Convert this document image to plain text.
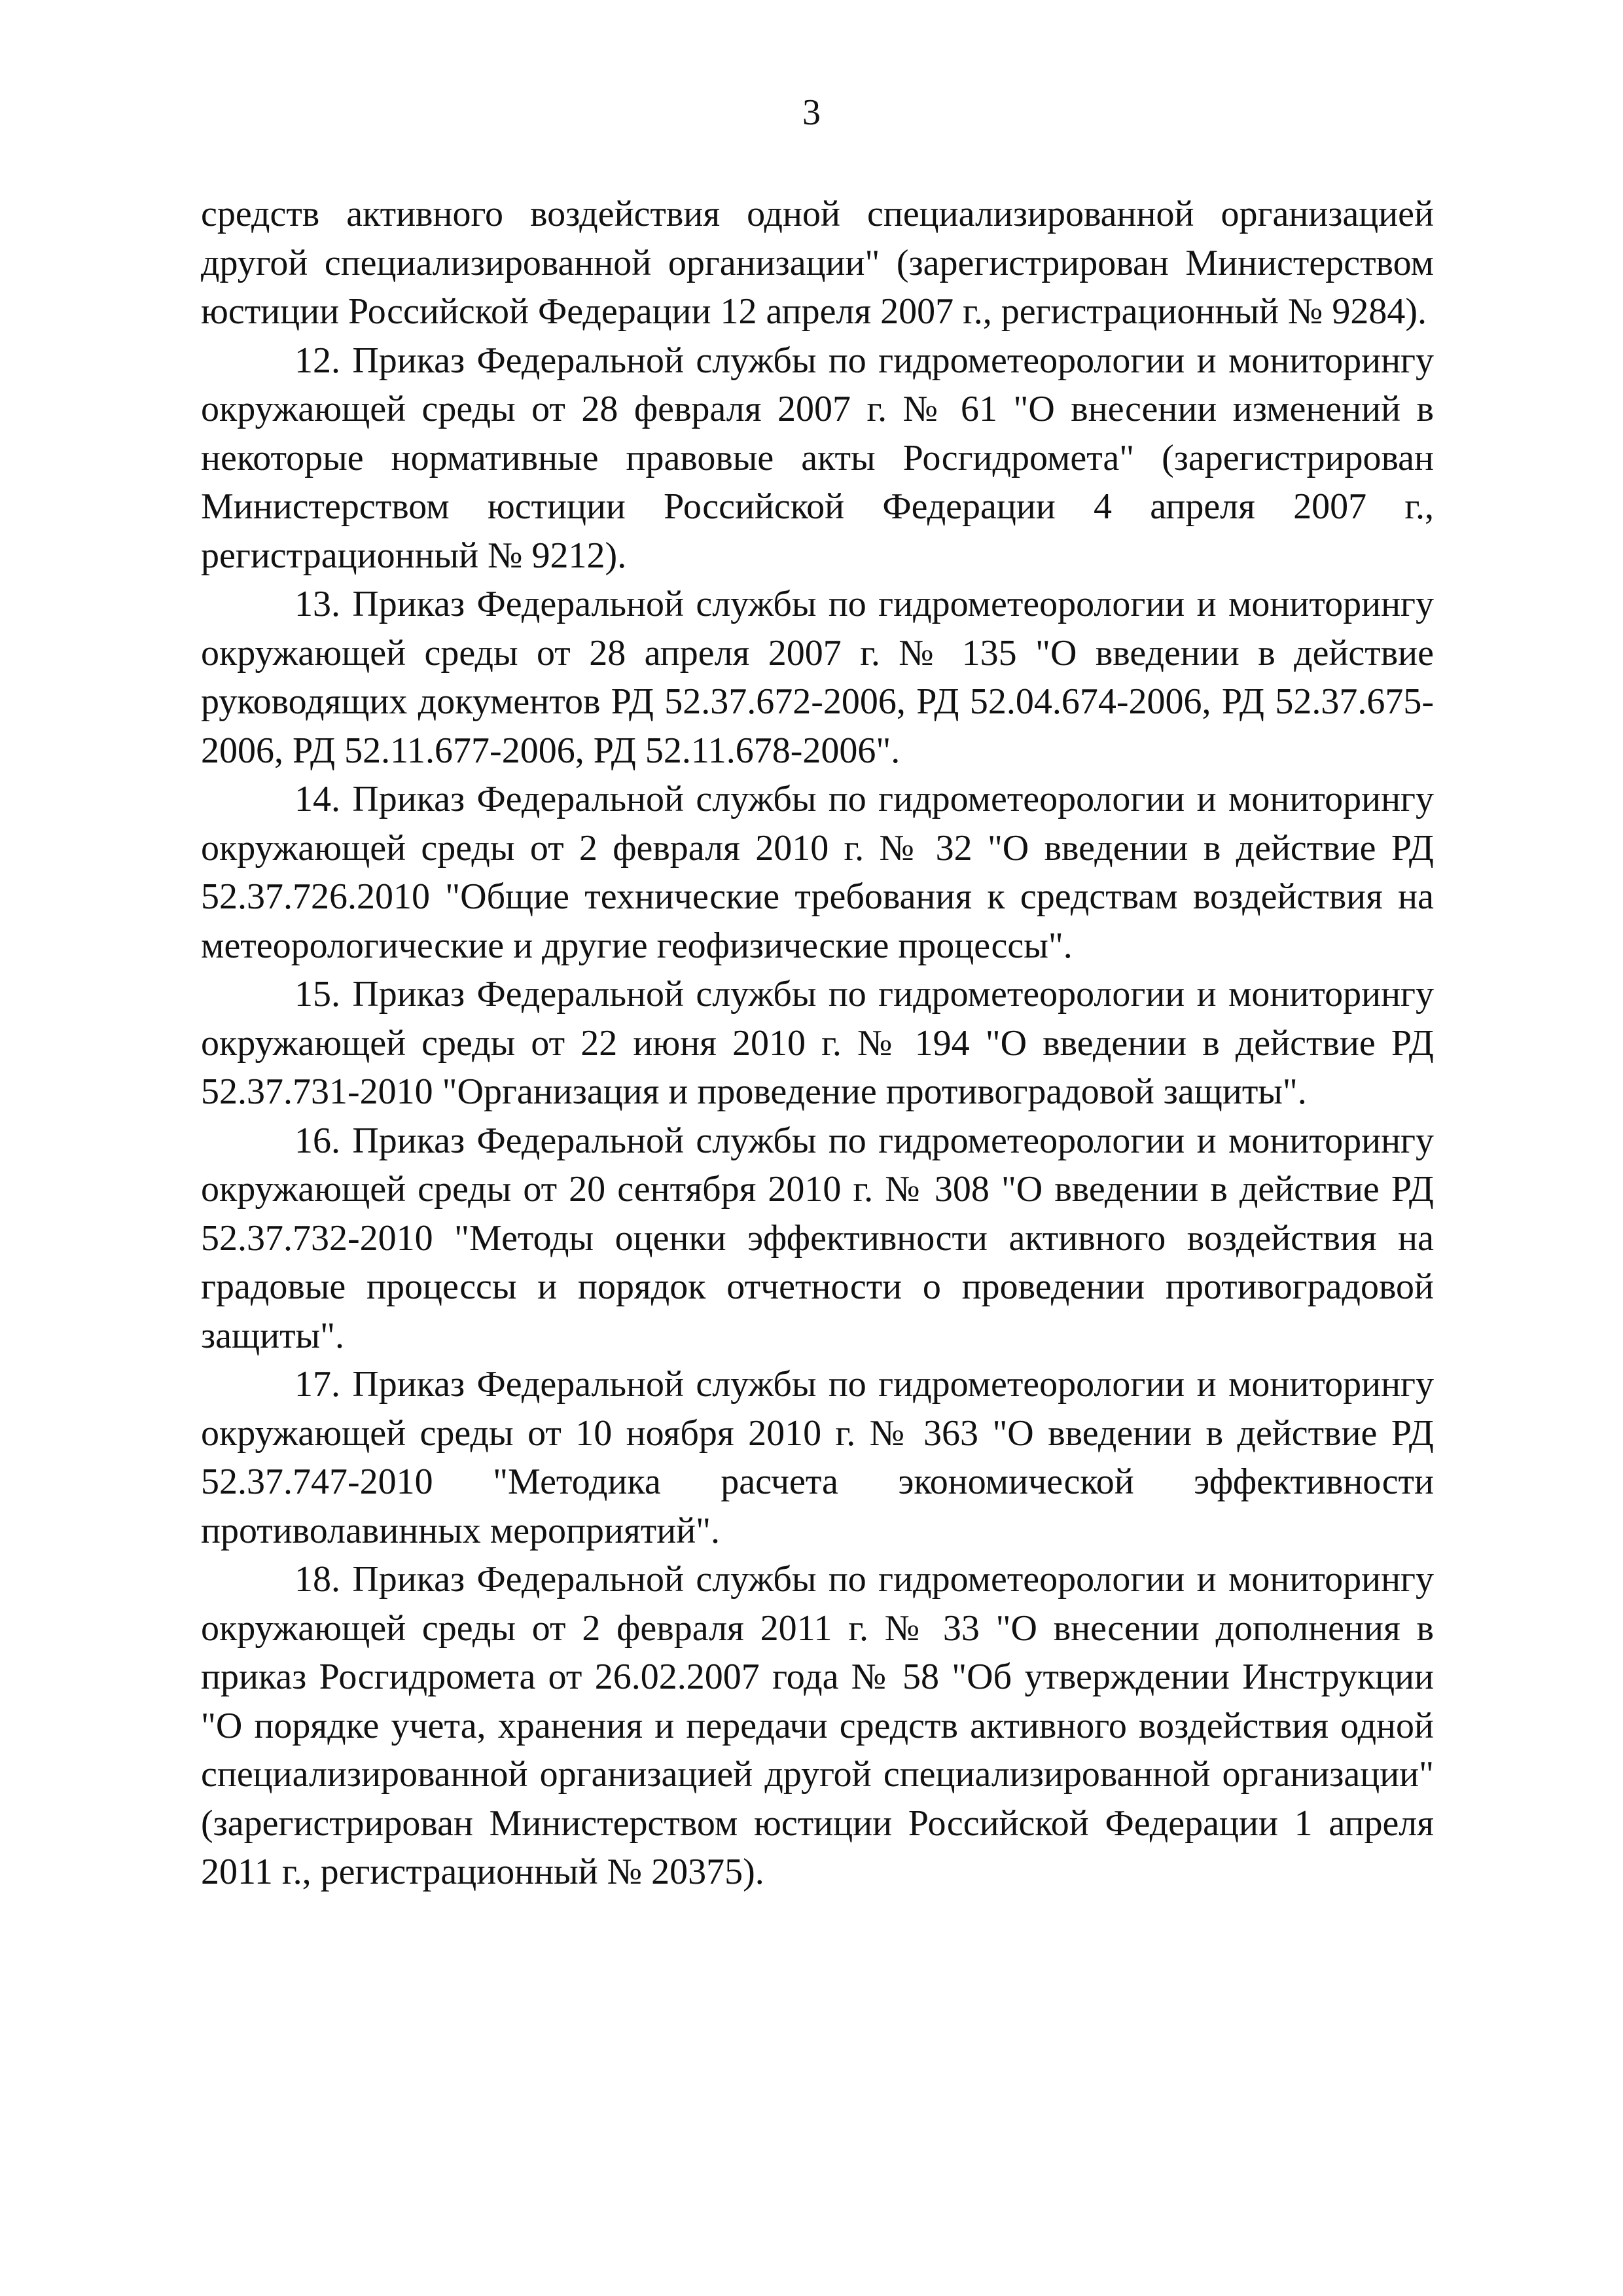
3

средств активного воздействия одной специализированной организацией другой специализированной организации" (зарегистрирован Министерством юстиции Российской Федерации 12 апреля 2007 г., регистрационный № 9284).

12. Приказ Федеральной службы по гидрометеорологии и мониторингу окружающей среды от 28 февраля 2007 г. № 61 "О внесении изменений в некоторые нормативные правовые акты Росгидромета" (зарегистрирован Министерством юстиции Российской Федерации 4 апреля 2007 г., регистрационный № 9212).

13. Приказ Федеральной службы по гидрометеорологии и мониторингу окружающей среды от 28 апреля 2007 г. № 135 "О введении в действие руководящих документов РД 52.37.672-2006, РД 52.04.674-2006, РД 52.37.675-2006, РД 52.11.677-2006, РД 52.11.678-2006".

14. Приказ Федеральной службы по гидрометеорологии и мониторингу окружающей среды от 2 февраля 2010 г. № 32 "О введении в действие РД 52.37.726.2010 "Общие технические требования к средствам воздействия на метеорологические и другие геофизические процессы".

15. Приказ Федеральной службы по гидрометеорологии и мониторингу окружающей среды от 22 июня 2010 г. № 194 "О введении в действие РД 52.37.731-2010 "Организация и проведение противоградовой защиты".

16. Приказ Федеральной службы по гидрометеорологии и мониторингу окружающей среды от 20 сентября 2010 г. № 308 "О введении в действие РД 52.37.732-2010 "Методы оценки эффективности активного воздействия на градовые процессы и порядок отчетности о проведении противоградовой защиты".

17. Приказ Федеральной службы по гидрометеорологии и мониторингу окружающей среды от 10 ноября 2010 г. № 363 "О введении в действие РД 52.37.747-2010 "Методика расчета экономической эффективности противолавинных мероприятий".

18. Приказ Федеральной службы по гидрометеорологии и мониторингу окружающей среды от 2 февраля 2011 г. № 33 "О внесении дополнения в приказ Росгидромета от 26.02.2007 года № 58 "Об утверждении Инструкции "О порядке учета, хранения и передачи средств активного воздействия одной специализированной организацией другой специализированной организации" (зарегистрирован Министерством юстиции Российской Федерации 1 апреля 2011 г., регистрационный № 20375).
